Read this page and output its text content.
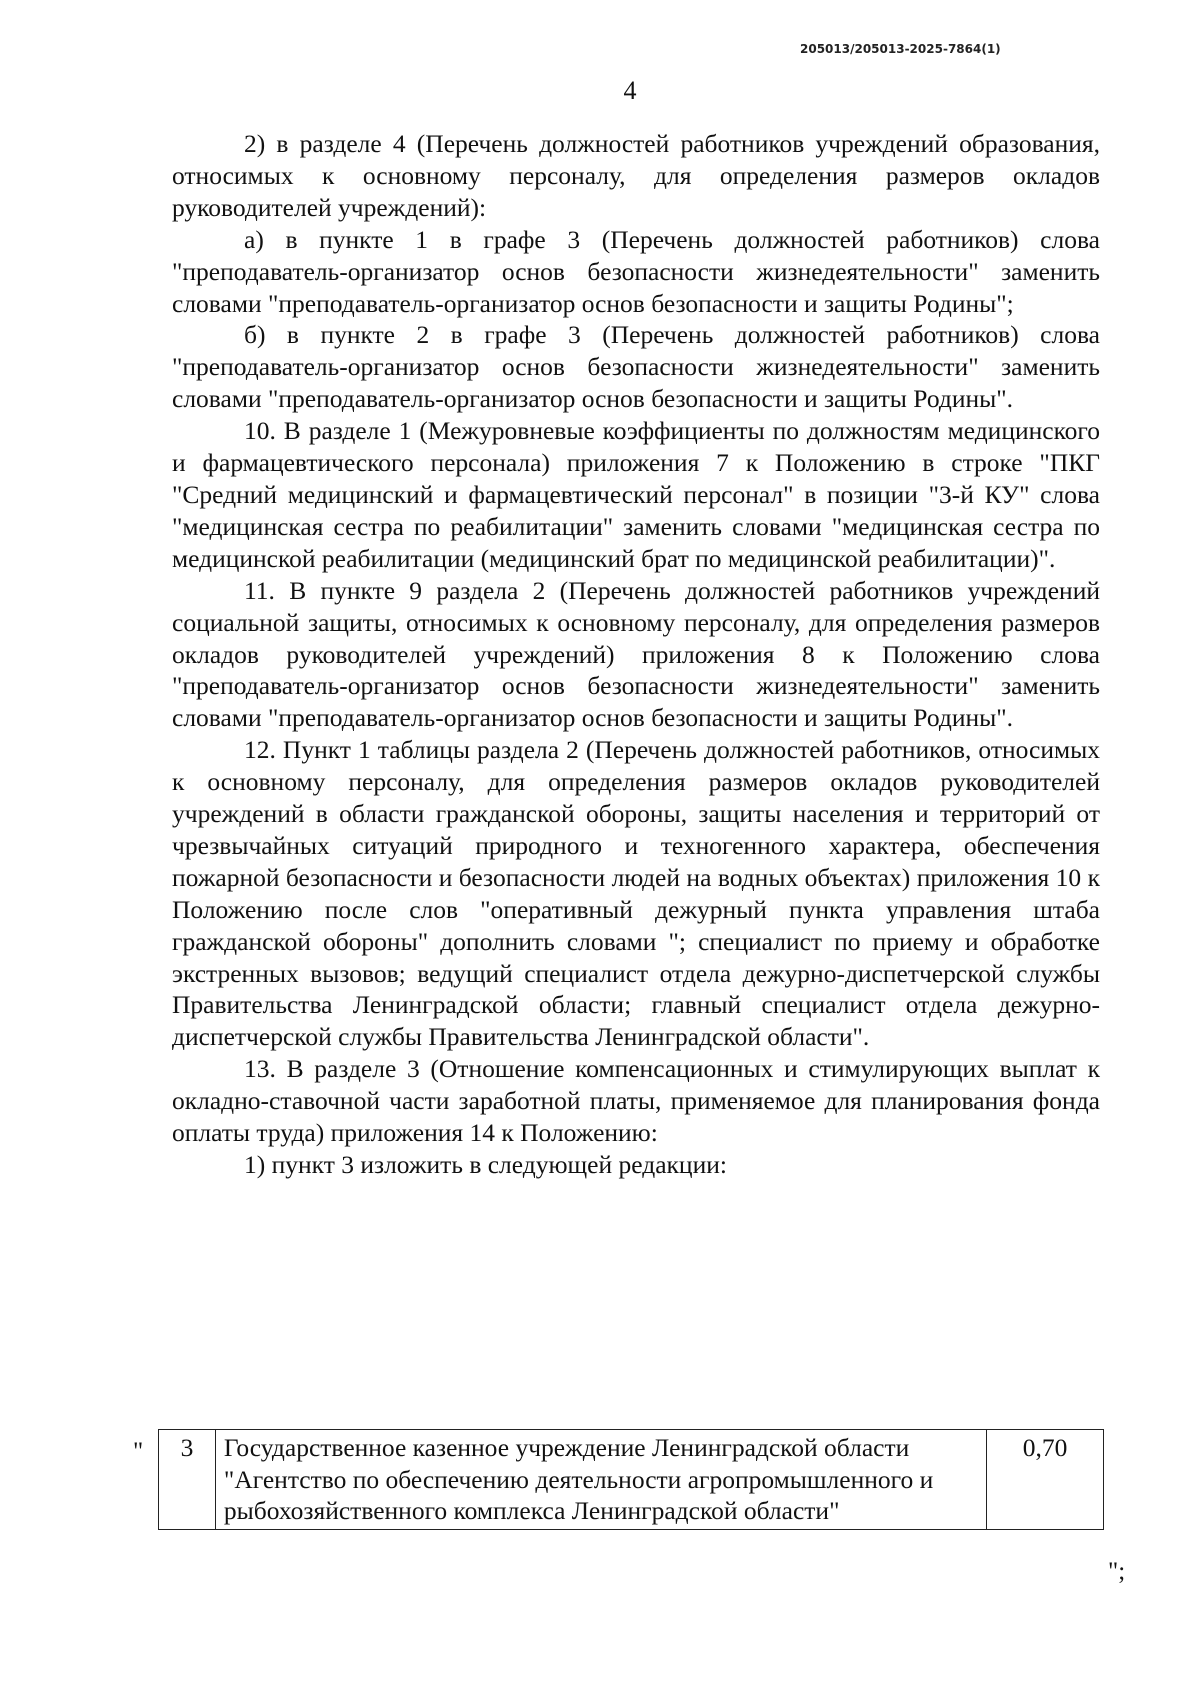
205013/205013-2025-7864(1)
4

2) в разделе 4 (Перечень должностей работников учреждений образования, относимых к основному персоналу, для определения размеров окладов руководителей учреждений):

а) в пункте 1 в графе 3 (Перечень должностей работников) слова "преподаватель-организатор основ безопасности жизнедеятельности" заменить словами "преподаватель-организатор основ безопасности и защиты Родины";

б) в пункте 2 в графе 3 (Перечень должностей работников) слова "преподаватель-организатор основ безопасности жизнедеятельности" заменить словами "преподаватель-организатор основ безопасности и защиты Родины".

10. В разделе 1 (Межуровневые коэффициенты по должностям медицинского и фармацевтического персонала) приложения 7 к Положению в строке "ПКГ "Средний медицинский и фармацевтический персонал" в позиции "3-й КУ" слова "медицинская сестра по реабилитации" заменить словами "медицинская сестра по медицинской реабилитации (медицинский брат по медицинской реабилитации)".

11. В пункте 9 раздела 2 (Перечень должностей работников учреждений социальной защиты, относимых к основному персоналу, для определения размеров окладов руководителей учреждений) приложения 8 к Положению слова "преподаватель-организатор основ безопасности жизнедеятельности" заменить словами "преподаватель-организатор основ безопасности и защиты Родины".

12. Пункт 1 таблицы раздела 2 (Перечень должностей работников, относимых к основному персоналу, для определения размеров окладов руководителей учреждений в области гражданской обороны, защиты населения и территорий от чрезвычайных ситуаций природного и техногенного характера, обеспечения пожарной безопасности и безопасности людей на водных объектах) приложения 10 к Положению после слов "оперативный дежурный пункта управления штаба гражданской обороны" дополнить словами "; специалист по приему и обработке экстренных вызовов; ведущий специалист отдела дежурно-диспетчерской службы Правительства Ленинградской области; главный специалист отдела дежурно-диспетчерской службы Правительства Ленинградской области".

13. В разделе 3 (Отношение компенсационных и стимулирующих выплат к окладно-ставочной части заработной платы, применяемое для планирования фонда оплаты труда) приложения 14 к Положению:

1) пункт 3 изложить в следующей редакции:

" 3	Государственное казенное учреждение Ленинградской области "Агентство по обеспечению деятельности агропромышленного и рыбохозяйственного комплекса Ленинградской области"	0,70
";
